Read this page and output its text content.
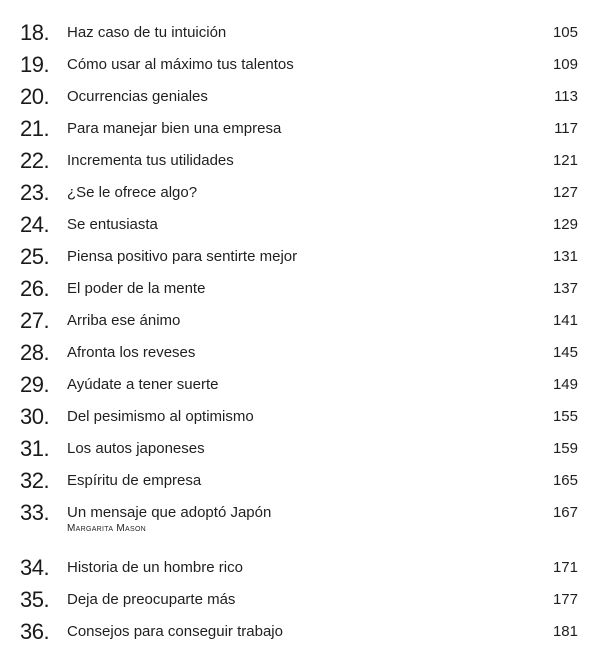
18. Haz caso de tu intuición	105
19. Cómo usar al máximo tus talentos	109
20. Ocurrencias geniales	113
21. Para manejar bien una empresa	117
22. Incrementa tus utilidades	121
23. ¿Se le ofrece algo?	127
24. Se entusiasta	129
25. Piensa positivo para sentirte mejor	131
26. El poder de la mente	137
27. Arriba ese ánimo	141
28. Afronta los reveses	145
29. Ayúdate a tener suerte	149
30. Del pesimismo al optimismo	155
31. Los autos japoneses	159
32. Espíritu de empresa	165
33. Un mensaje que adoptó Japón	167
Margarita Mason
34. Historia de un hombre rico	171
35. Deja de preocuparte más	177
36. Consejos para conseguir trabajo	181
